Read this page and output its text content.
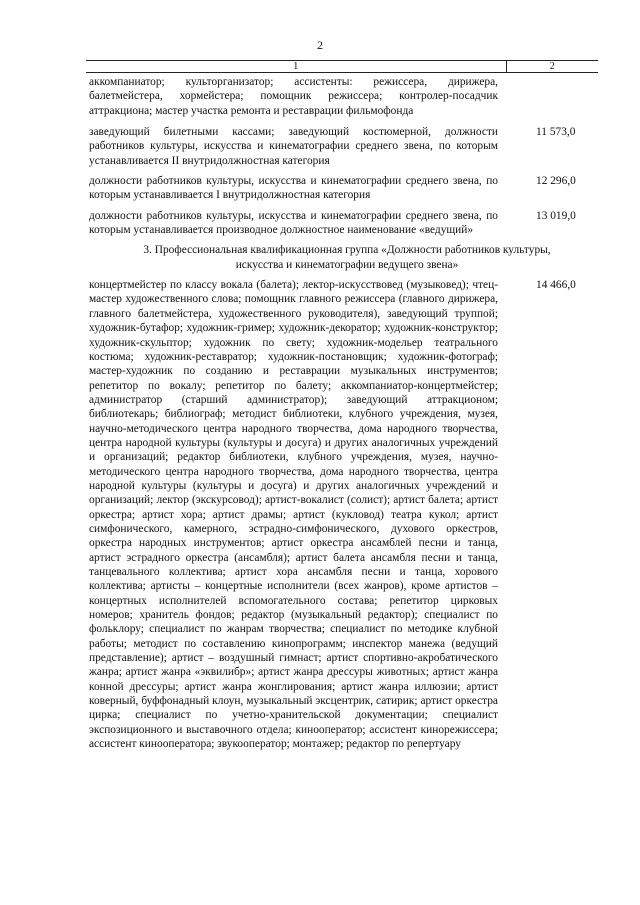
2
1	2
аккомпаниатор; культорганизатор; ассистенты: режиссера, дирижера, балетмейстера, хормейстера; помощник режиссера; контролер-посадчик аттракциона; мастер участка ремонта и реставрации фильмофонда	
заведующий билетными кассами; заведующий костюмерной, должности работников культуры, искусства и кинематографии среднего звена, по которым устанавливается II внутридолжностная категория	11 573,0
должности работников культуры, искусства и кинематографии среднего звена, по которым устанавливается I внутридолжностная категория	12 296,0
должности работников культуры, искусства и кинематографии среднего звена, по которым устанавливается производное должностное наименование «ведущий»	13 019,0
3. Профессиональная квалификационная группа «Должности работников культуры, искусства и кинематографии ведущего звена»	
концертмейстер по классу вокала (балета); лектор-искусствовед (музыковед); чтец-мастер художественного слова; помощник главного режиссера (главного дирижера, главного балетмейстера, художественного руководителя), заведующий труппой; художник-бутафор; художник-гример; художник-декоратор; художник-конструктор; художник-скульптор; художник по свету; художник-модельер театрального костюма; художник-реставратор; художник-постановщик; художник-фотограф; мастер-художник по созданию и реставрации музыкальных инструментов; репетитор по вокалу; репетитор по балету; аккомпаниатор-концертмейстер; администратор (старший администратор); заведующий аттракционом; библиотекарь; библиограф; методист библиотеки, клубного учреждения, музея, научно-методического центра народного творчества, дома народного творчества, центра народной культуры (культуры и досуга) и других аналогичных учреждений и организаций; редактор библиотеки, клубного учреждения, музея, научно-методического центра народного творчества, дома народного творчества, центра народной культуры (культуры и досуга) и других аналогичных учреждений и организаций; лектор (экскурсовод); артист-вокалист (солист); артист балета; артист оркестра; артист хора; артист драмы; артист (кукловод) театра кукол; артист симфонического, камерного, эстрадно-симфонического, духового оркестров, оркестра народных инструментов; артист оркестра ансамблей песни и танца, артист эстрадного оркестра (ансамбля); артист балета ансамбля песни и танца, танцевального коллектива; артист хора ансамбля песни и танца, хорового коллектива; артисты – концертные исполнители (всех жанров), кроме артистов – концертных исполнителей вспомогательного состава; репетитор цирковых номеров; хранитель фондов; редактор (музыкальный редактор); специалист по фольклору; специалист по жанрам творчества; специалист по методике клубной работы; методист по составлению кинопрограмм; инспектор манежа (ведущий представление); артист – воздушный гимнаст; артист спортивно-акробатического жанра; артист жанра «эквилибр»; артист жанра дрессуры животных; артист жанра конной дрессуры; артист жанра жонглирования; артист жанра иллюзии; артист коверный, буффонадный клоун, музыкальный эксцентрик, сатирик; артист оркестра цирка; специалист по учетно-хранительской документации; специалист экспозиционного и выставочного отдела; кинооператор; ассистент кинорежиссера; ассистент кинооператора; звукооператор; монтажер; редактор по репертуару	14 466,0
